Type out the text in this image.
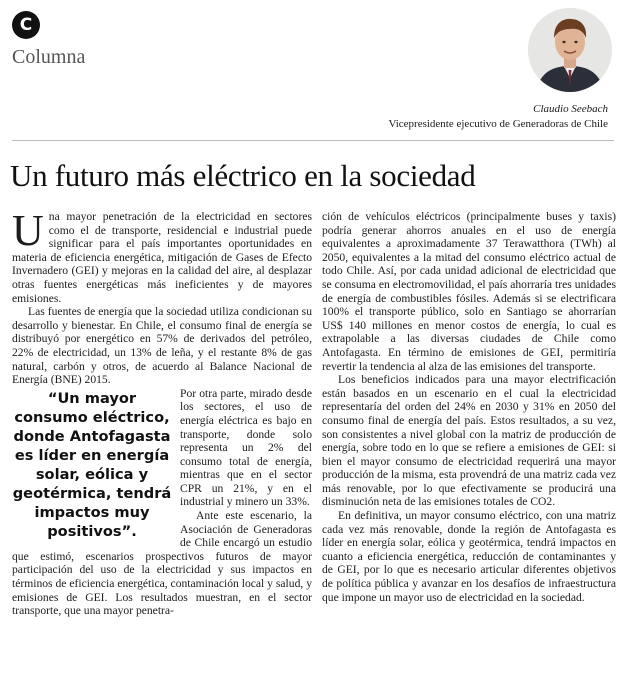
C
Columna
Claudio Seebach
Vicepresidente ejecutivo de Generadoras de Chile
Un futuro más eléctrico en la sociedad

Una mayor penetración de la electricidad en sectores como el de transporte, residencial e industrial puede significar para el país importantes oportunidades en materia de eficiencia energética, mitigación de Gases de Efecto Invernadero (GEI) y mejoras en la calidad del aire, al desplazar otras fuentes energéticas más ineficientes y de mayores emisiones.

Las fuentes de energía que la sociedad utiliza condicionan su desarrollo y bienestar. En Chile, el consumo final de energía se distribuyó por energético en 57% de derivados del petróleo, 22% de electricidad, un 13% de leña, y el restante 8% de gas natural, carbón y otros, de acuerdo al Balance Nacional de Energía (BNE) 2015.

“Un mayor consumo eléctrico, donde Antofagasta es líder en energía solar, eólica y geotérmica, tendrá impactos muy positivos”.

Por otra parte, mirado desde los sectores, el uso de energía eléctrica es bajo en transporte, donde solo representa un 2% del consumo total de energía, mientras que en el sector CPR un 21%, y en el industrial y minero un 33%.

Ante este escenario, la Asociación de Generadoras de Chile encargó un estudio que estimó, escenarios prospectivos futuros de mayor participación del uso de la electricidad y sus impactos en términos de eficiencia energética, contaminación local y salud, y emisiones de GEI. Los resultados muestran, en el sector transporte, que una mayor penetra-

ción de vehículos eléctricos (principalmente buses y taxis) podría generar ahorros anuales en el uso de energía equivalentes a aproximadamente 37 Terawatthora (TWh) al 2050, equivalentes a la mitad del consumo eléctrico actual de todo Chile. Así, por cada unidad adicional de electricidad que se consuma en electromovilidad, el país ahorraría tres unidades de energía de combustibles fósiles. Además si se electrificara 100% el transporte público, solo en Santiago se ahorrarían US$ 140 millones en menor costos de energía, lo cual es extrapolable a las diversas ciudades de Chile como Antofagasta. En término de emisiones de GEI, permitiría revertir la tendencia al alza de las emisiones del transporte.

Los beneficios indicados para una mayor electrificación están basados en un escenario en el cual la electricidad representaría del orden del 24% en 2030 y 31% en 2050 del consumo final de energía del país. Estos resultados, a su vez, son consistentes a nivel global con la matriz de producción de energía, sobre todo en lo que se refiere a emisiones de GEI: si bien el mayor consumo de electricidad requerirá una mayor producción de la misma, esta provendrá de una matriz cada vez más renovable, por lo que efectivamente se producirá una disminución neta de las emisiones totales de CO2.

En definitiva, un mayor consumo eléctrico, con una matriz cada vez más renovable, donde la región de Antofagasta es líder en energía solar, eólica y geotérmica, tendrá impactos en cuanto a eficiencia energética, reducción de contaminantes y de GEI, por lo que es necesario articular diferentes objetivos de política pública y avanzar en los desafíos de infraestructura que impone un mayor uso de electricidad en la sociedad.
